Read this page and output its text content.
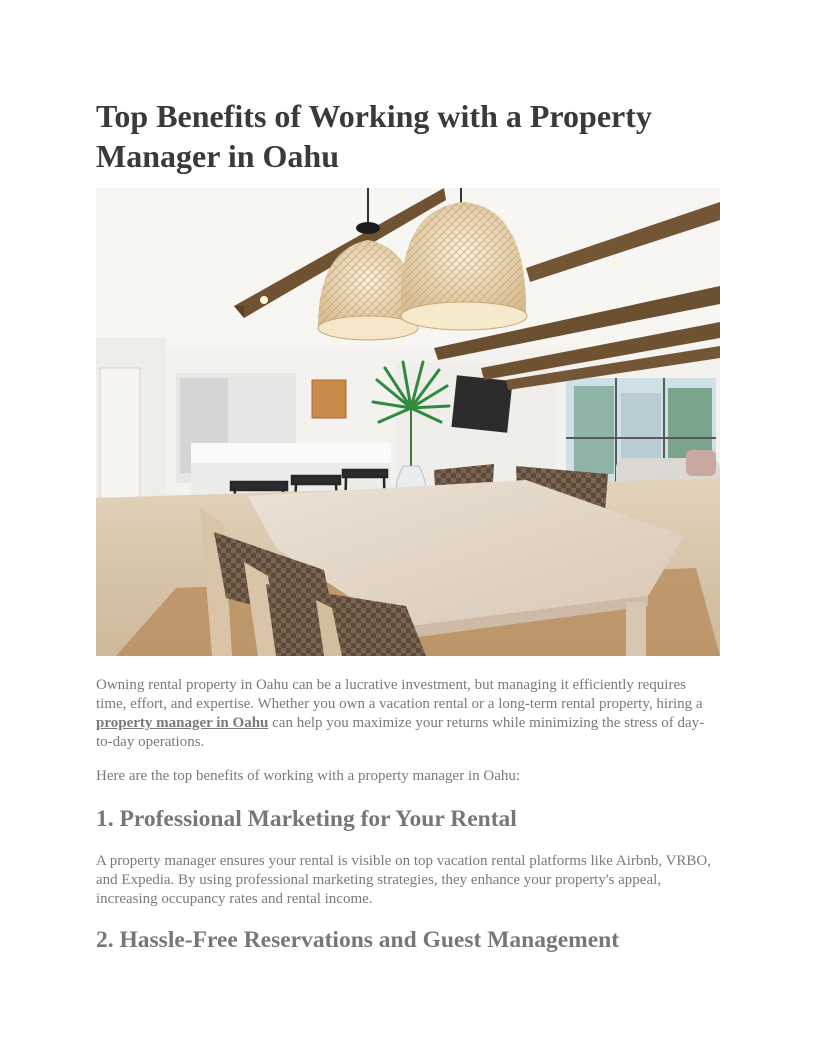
Top Benefits of Working with a Property Manager in Oahu

Owning rental property in Oahu can be a lucrative investment, but managing it efficiently requires time, effort, and expertise. Whether you own a vacation rental or a long-term rental property, hiring a property manager in Oahu can help you maximize your returns while minimizing the stress of day-to-day operations.

Here are the top benefits of working with a property manager in Oahu:

1. Professional Marketing for Your Rental

A property manager ensures your rental is visible on top vacation rental platforms like Airbnb, VRBO, and Expedia. By using professional marketing strategies, they enhance your property's appeal, increasing occupancy rates and rental income.

2. Hassle-Free Reservations and Guest Management
